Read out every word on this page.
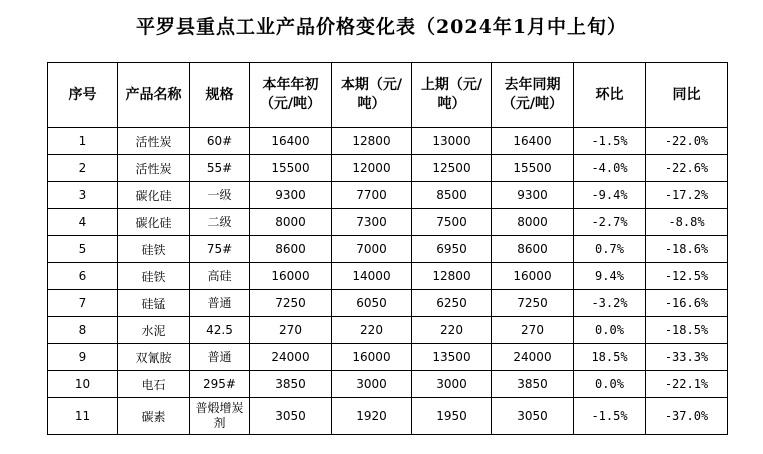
平罗县重点工业产品价格变化表（2024年1月中上旬）
序号	产品名称	规格	本年年初（元/吨）	本期（元/吨）	上期（元/吨）	去年同期（元/吨）	环比	同比
1	活性炭	60#	16400	12800	13000	16400	-1.5%	-22.0%
2	活性炭	55#	15500	12000	12500	15500	-4.0%	-22.6%
3	碳化硅	一级	9300	7700	8500	9300	-9.4%	-17.2%
4	碳化硅	二级	8000	7300	7500	8000	-2.7%	-8.8%
5	硅铁	75#	8600	7000	6950	8600	0.7%	-18.6%
6	硅铁	高硅	16000	14000	12800	16000	9.4%	-12.5%
7	硅锰	普通	7250	6050	6250	7250	-3.2%	-16.6%
8	水泥	42.5	270	220	220	270	0.0%	-18.5%
9	双氰胺	普通	24000	16000	13500	24000	18.5%	-33.3%
10	电石	295#	3850	3000	3000	3850	0.0%	-22.1%
11	碳素	普煅增炭剂	3050	1920	1950	3050	-1.5%	-37.0%
